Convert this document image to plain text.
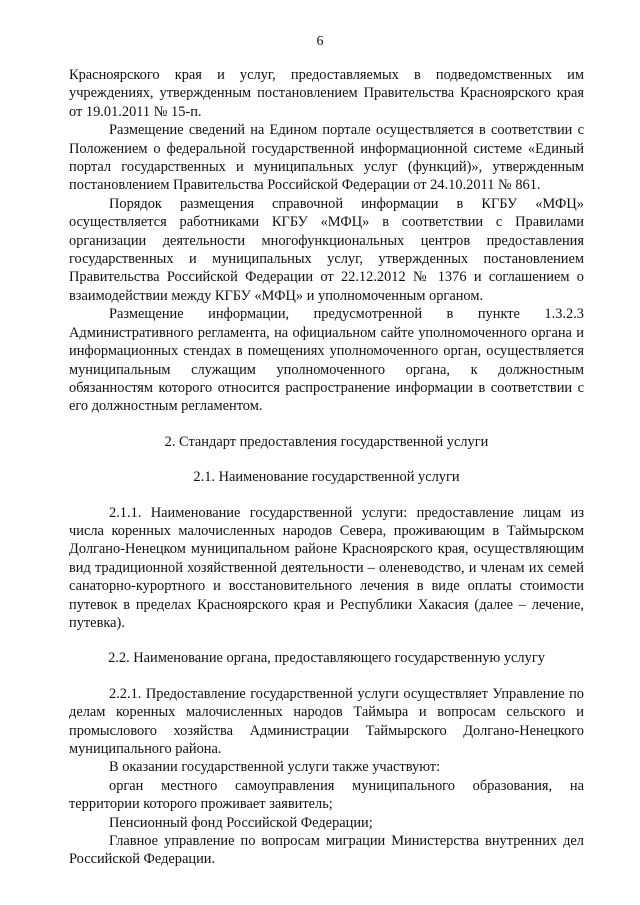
6

Красноярского края и услуг, предоставляемых в подведомственных им учреждениях, утвержденным постановлением Правительства Красноярского края от 19.01.2011 № 15-п.

Размещение сведений на Едином портале осуществляется в соответствии с Положением о федеральной государственной информационной системе «Единый портал государственных и муниципальных услуг (функций)», утвержденным постановлением Правительства Российской Федерации от 24.10.2011 № 861.

Порядок размещения справочной информации в КГБУ «МФЦ» осуществляется работниками КГБУ «МФЦ» в соответствии с Правилами организации деятельности многофункциональных центров предоставления государственных и муниципальных услуг, утвержденных постановлением Правительства Российской Федерации от 22.12.2012 № 1376 и соглашением о взаимодействии между КГБУ «МФЦ» и уполномоченным органом.

Размещение информации, предусмотренной в пункте 1.3.2.3 Административного регламента, на официальном сайте уполномоченного органа и информационных стендах в помещениях уполномоченного орган, осуществляется муниципальным служащим уполномоченного органа, к должностным обязанностям которого относится распространение информации в соответствии с его должностным регламентом.

2. Стандарт предоставления государственной услуги

2.1. Наименование государственной услуги

2.1.1. Наименование государственной услуги: предоставление лицам из числа коренных малочисленных народов Севера, проживающим в Таймырском Долгано-Ненецком муниципальном районе Красноярского края, осуществляющим вид традиционной хозяйственной деятельности – оленеводство, и членам их семей санаторно-курортного и восстановительного лечения в виде оплаты стоимости путевок в пределах Красноярского края и Республики Хакасия (далее – лечение, путевка).

2.2. Наименование органа, предоставляющего государственную услугу

2.2.1. Предоставление государственной услуги осуществляет Управление по делам коренных малочисленных народов Таймыра и вопросам сельского и промыслового хозяйства Администрации Таймырского Долгано-Ненецкого муниципального района.

В оказании государственной услуги также участвуют:

орган местного самоуправления муниципального образования, на территории которого проживает заявитель;

Пенсионный фонд Российской Федерации;

Главное управление по вопросам миграции Министерства внутренних дел Российской Федерации.
